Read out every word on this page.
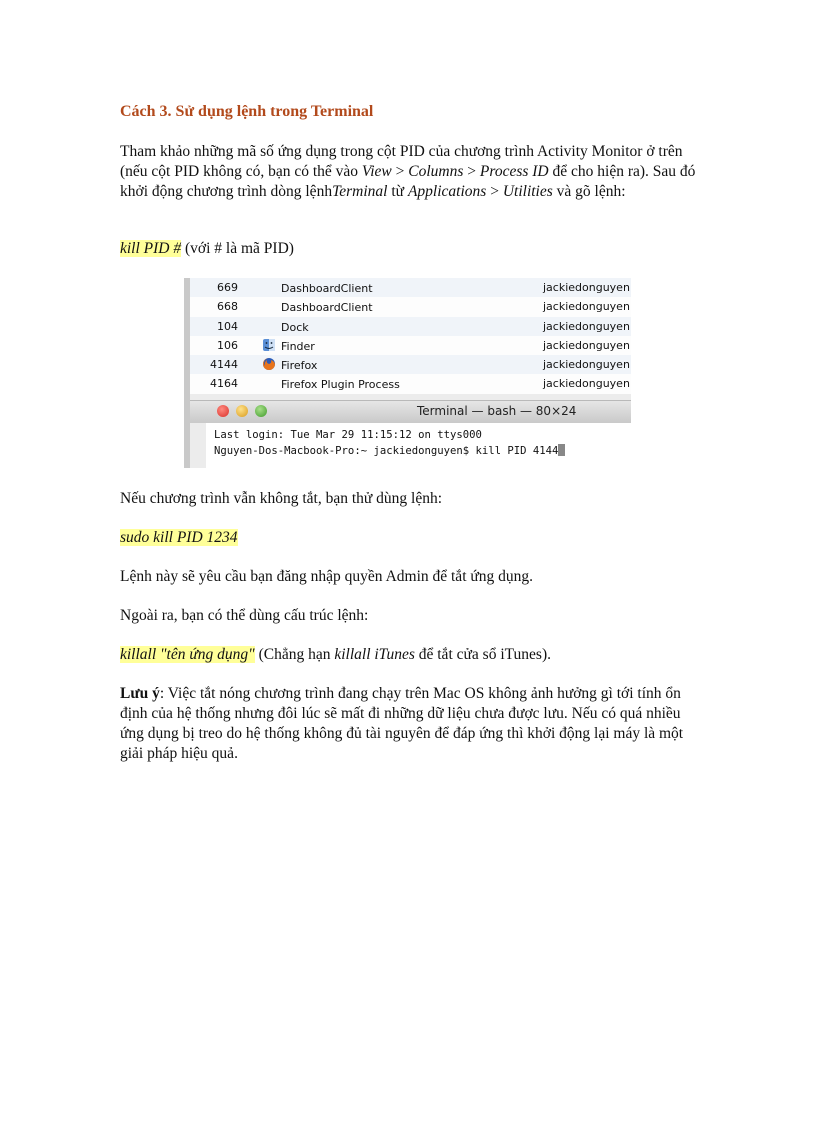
Cách 3. Sử dụng lệnh trong Terminal

Tham khảo những mã số ứng dụng trong cột PID của chương trình Activity Monitor ở trên (nếu cột PID không có, bạn có thể vào View > Columns > Process ID để cho hiện ra). Sau đó khởi động chương trình dòng lệnhTerminal từ Applications > Utilities và gõ lệnh:

kill PID # (với # là mã PID)

Nếu chương trình vẫn không tắt, bạn thử dùng lệnh:

sudo kill PID 1234

Lệnh này sẽ yêu cầu bạn đăng nhập quyền Admin để tắt ứng dụng.

Ngoài ra, bạn có thể dùng cấu trúc lệnh:

killall "tên ứng dụng" (Chẳng hạn killall iTunes để tắt cửa sổ iTunes).

Lưu ý: Việc tắt nóng chương trình đang chạy trên Mac OS không ảnh hưởng gì tới tính ổn định của hệ thống nhưng đôi lúc sẽ mất đi những dữ liệu chưa được lưu. Nếu có quá nhiều ứng dụng bị treo do hệ thống không đủ tài nguyên để đáp ứng thì khởi động lại máy là một giải pháp hiệu quả.

669	DashboardClient	jackiedonguyen
668	DashboardClient	jackiedonguyen
104	Dock	jackiedonguyen
106	Finder	jackiedonguyen
4144	Firefox	jackiedonguyen
4164	Firefox Plugin Process	jackiedonguyen
Terminal — bash — 80×24
Last login: Tue Mar 29 11:15:12 on ttys000
Nguyen-Dos-Macbook-Pro:~ jackiedonguyen$ kill PID 4144
